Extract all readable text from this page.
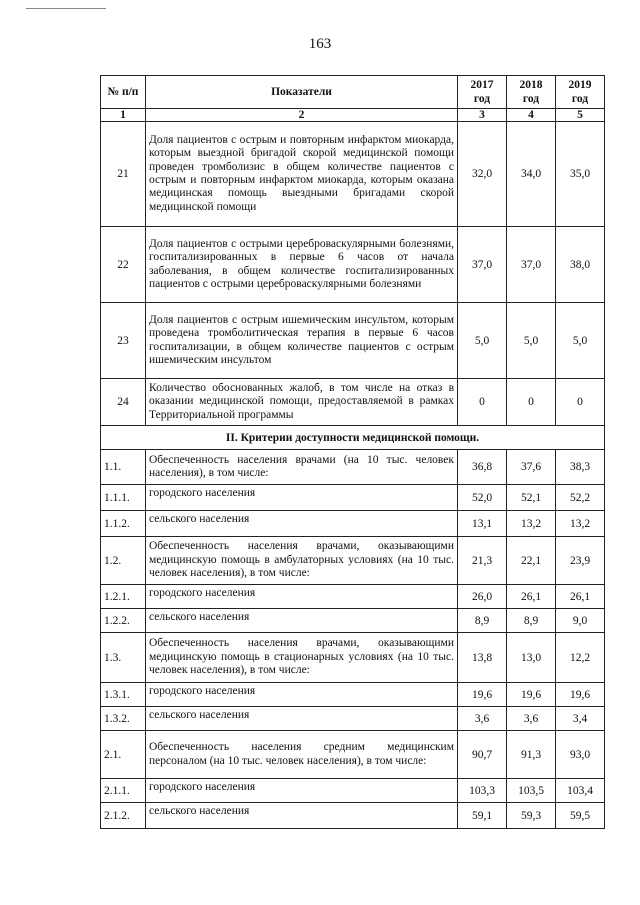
163
№ п/п	Показатели	2017 год	2018 год	2019 год
1	2	3	4	5
21	Доля пациентов с острым и повторным инфарктом миокарда, которым выездной бригадой скорой медицинской помощи проведен тромболизис в общем количестве пациентов с острым и повторным инфарктом миокарда, которым оказана медицинская помощь выездными бригадами скорой медицинской помощи	32,0	34,0	35,0
22	Доля пациентов с острыми цереброваскулярными болезнями, госпитализированных в первые 6 часов от начала заболевания, в общем количестве госпитализированных пациентов с острыми цереброваскулярными болезнями	37,0	37,0	38,0
23	Доля пациентов с острым ишемическим инсультом, которым проведена тромболитическая терапия в первые 6 часов госпитализации, в общем количестве пациентов с острым ишемическим инсультом	5,0	5,0	5,0
24	Количество обоснованных жалоб, в том числе на отказ в оказании медицинской помощи, предоставляемой в рамках Территориальной программы	0	0	0
II. Критерии доступности медицинской помощи.				
1.1.	Обеспеченность населения врачами (на 10 тыс. человек населения), в том числе:	36,8	37,6	38,3
1.1.1.	городского населения	52,0	52,1	52,2
1.1.2.	сельского населения	13,1	13,2	13,2
1.2.	Обеспеченность населения врачами, оказывающими медицинскую помощь в амбулаторных условиях (на 10 тыс. человек населения), в том числе:	21,3	22,1	23,9
1.2.1.	городского населения	26,0	26,1	26,1
1.2.2.	сельского населения	8,9	8,9	9,0
1.3.	Обеспеченность населения врачами, оказывающими медицинскую помощь в стационарных условиях (на 10 тыс. человек населения), в том числе:	13,8	13,0	12,2
1.3.1.	городского населения	19,6	19,6	19,6
1.3.2.	сельского населения	3,6	3,6	3,4
2.1.	Обеспеченность населения средним медицинским персоналом (на 10 тыс. человек населения), в том числе:	90,7	91,3	93,0
2.1.1.	городского населения	103,3	103,5	103,4
2.1.2.	сельского населения	59,1	59,3	59,5
